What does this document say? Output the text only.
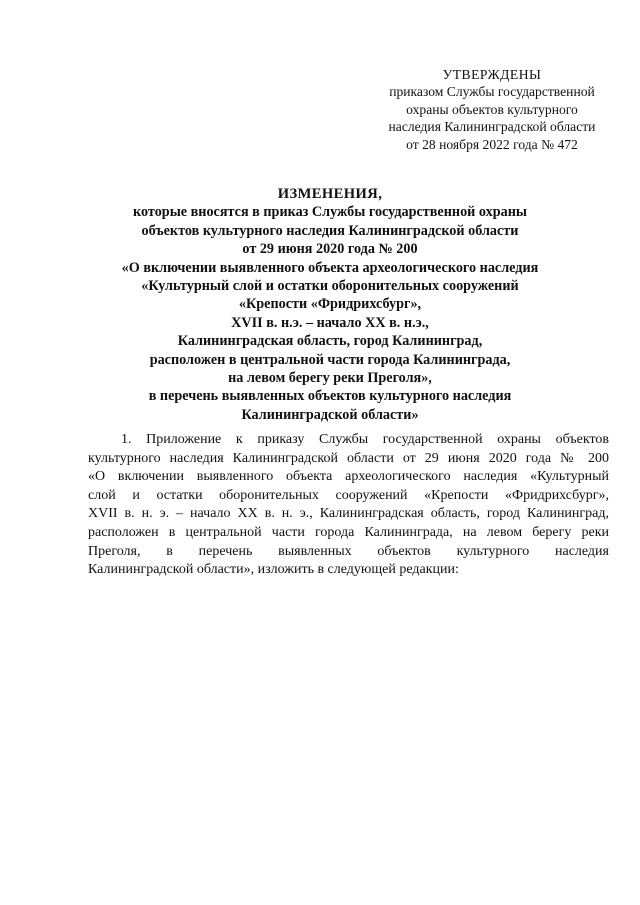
УТВЕРЖДЕНЫ
приказом Службы государственной
охраны объектов культурного
наследия Калининградской области
от 28 ноября 2022 года № 472
ИЗМЕНЕНИЯ,
которые вносятся в приказ Службы государственной охраны
объектов культурного наследия Калининградской области
от 29 июня 2020 года № 200
«О включении выявленного объекта археологического наследия
«Культурный слой и остатки оборонительных сооружений
«Крепости «Фридрихсбург»,
XVII в. н.э. – начало XX в. н.э.,
Калининградская область, город Калининград,
расположен в центральной части города Калининграда,
на левом берегу реки Преголя»,
в перечень выявленных объектов культурного наследия
Калининградской области»
1. Приложение к приказу Службы государственной охраны объектов
культурного наследия Калининградской области от 29 июня 2020 года № 200
«О включении выявленного объекта археологического наследия «Культурный
слой и остатки оборонительных сооружений «Крепости «Фридрихсбург»,
XVII в. н. э. – начало XX в. н. э., Калининградская область, город Калининград,
расположен в центральной части города Калининграда, на левом берегу реки
Преголя, в перечень выявленных объектов культурного наследия
Калининградской области», изложить в следующей редакции:
